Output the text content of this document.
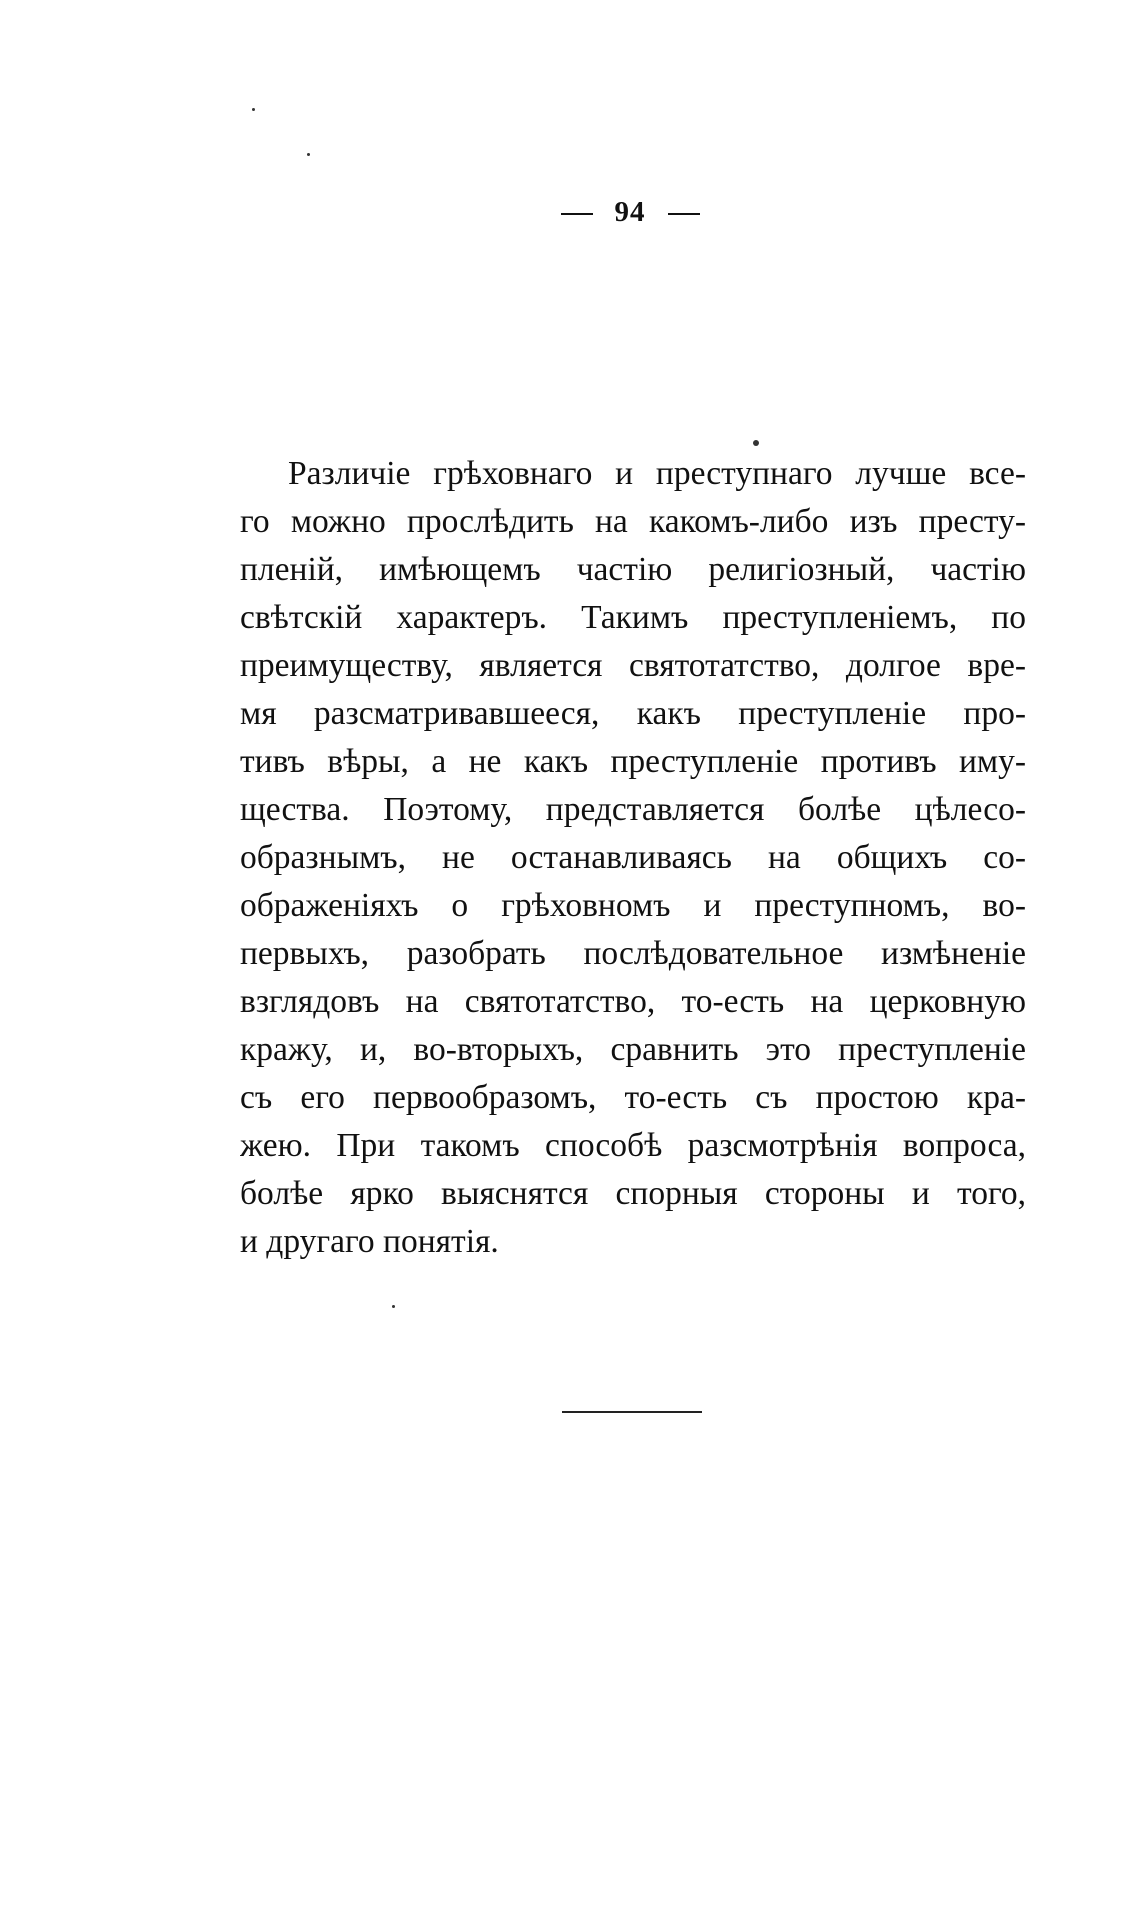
94
Различіе грѣховнаго и преступнаго лучше все-
го можно прослѣдить на какомъ-либо изъ престу-
пленій, имѣющемъ частію религіозный, частію
свѣтскій характеръ. Такимъ преступленіемъ, по
преимуществу, является святотатство, долгое вре-
мя разсматривавшееся, какъ преступленіе про-
тивъ вѣры, а не какъ преступленіе противъ иму-
щества. Поэтому, представляется болѣе цѣлесо-
образнымъ, не останавливаясь на общихъ со-
ображеніяхъ о грѣховномъ и преступномъ, во-
первыхъ, разобрать послѣдовательное измѣненіе
взглядовъ на святотатство, то-есть на церковную
кражу, и, во-вторыхъ, сравнить это преступленіе
съ его первообразомъ, то-есть съ простою кра-
жею. При такомъ способѣ разсмотрѣнія вопроса,
болѣе ярко выяснятся спорныя стороны и того,
и другаго понятія.
